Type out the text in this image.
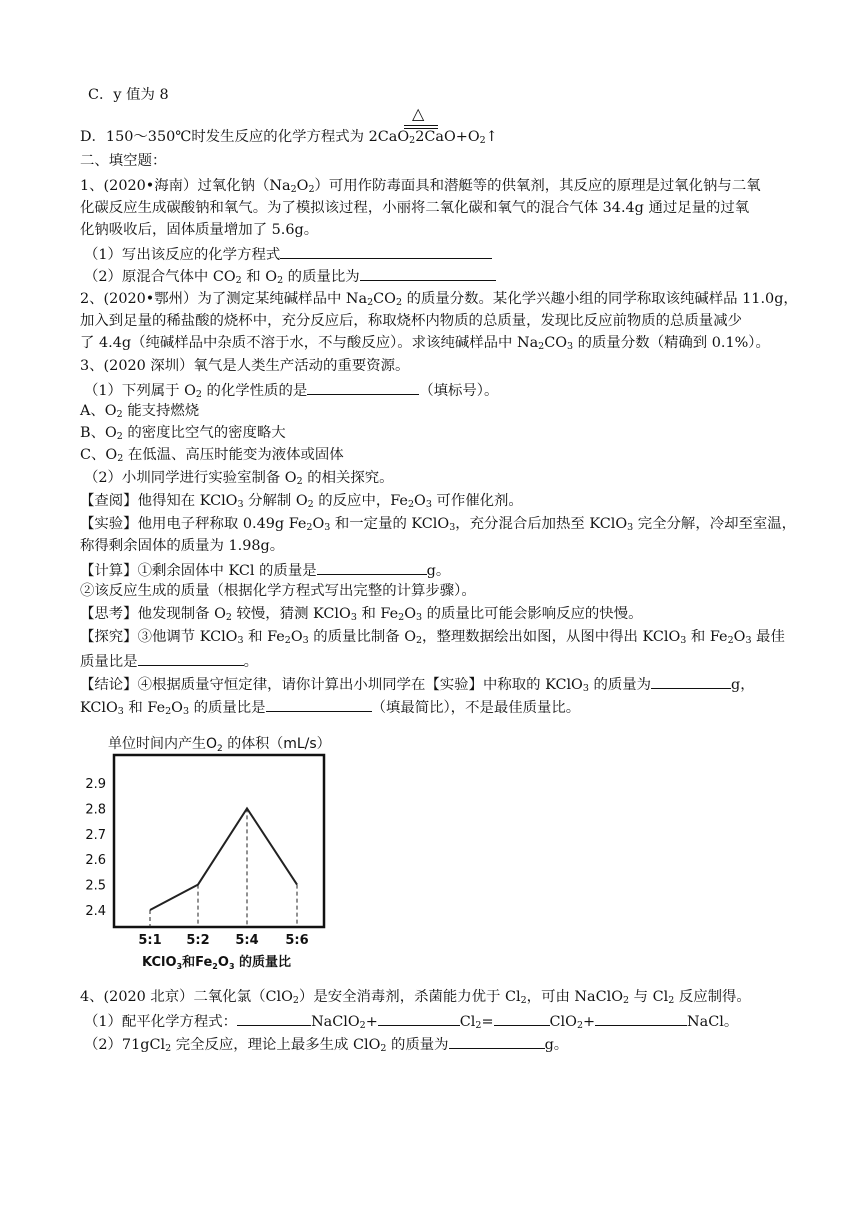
C．y 值为 8
D．150～350℃时发生反应的化学方程式为 $2CaO_22CaO+O_2↑$
△
二、填空题：
1、(2020•海南）过氧化钠$(Na_2O_2)$可用作防毒面具和潜艇等的供氧剂，其反应的原理是过氧化钠与二氧
化碳反应生成碳酸钠和氧气。为了模拟该过程，小丽将二氧化碳和氧气的混合气体 34.4g 通过足量的过氧
化钠吸收后，固体质量增加了 5.6g。
（1）写出该反应的化学方程式
（2）原混合气体中 $CO_2$ 和 $O_2$ 的质量比为
2、(2020•鄂州）为了测定某纯碱样品中 $Na_2CO_2$ 的质量分数。某化学兴趣小组的同学称取该纯碱样品 11.0g，
加入到足量的稀盐酸的烧杯中，充分反应后，称取烧杯内物质的总质量，发现比反应前物质的总质量减少
了 4.4g（纯碱样品中杂质不溶于水，不与酸反应）。求该纯碱样品中 $Na_2CO_3$ 的质量分数（精确到 0.1%）。
3、(2020 深圳）氧气是人类生产活动的重要资源。
（1）下列属于 $O_2$ 的化学性质的是	（填标号）。
A、$O_2$ 能支持燃烧
B、$O_2$ 的密度比空气的密度略大
C、$O_2$ 在低温、高压时能变为液体或固体
（2）小圳同学进行实验室制备 $O_2$ 的相关探究。
【查阅】他得知在 KClO$_3$ 分解制 $O_2$ 的反应中，$Fe_2O_3$ 可作催化剂。
【实验】他用电子秤称取 0.49g $Fe_2O_3$ 和一定量的 KClO$_3$，充分混合后加热至 KClO$_3$ 完全分解，冷却至室温，
称得剩余固体的质量为 1.98g。
【计算】①剩余固体中 KCl 的质量是	g。
②该反应生成的质量（根据化学方程式写出完整的计算步骤）。
【思考】他发现制备 $O_2$ 较慢，猜测 KClO$_3$ 和 $Fe_2O_3$ 的质量比可能会影响反应的快慢。
【探究】③他调节 KClO$_3$ 和 $Fe_2O_3$ 的质量比制备 $O_2$，整理数据绘出如图，从图中得出 KClO$_3$ 和 $Fe_2O_3$ 最佳
质量比是	。
【结论】④根据质量守恒定律，请你计算出小圳同学在【实验】中称取的 KClO$_3$ 的质量为	g，
KClO$_3$ 和 $Fe_2O_3$ 的质量比是	（填最简比），不是最佳质量比。
单位时间内产生$O_2$ 的体积（mL/s）
2.9
2.8
2.7
2.6
2.5
2.4
5:1 5:2 5:4 5:6
KClO$_3$和$Fe_2O_3$ 的质量比
4、(2020 北京）二氧化氯（ClO$_2$）是安全消毒剂，杀菌能力优于 $Cl_2$，可由 NaClO$_2$ 与 $Cl_2$ 反应制得。
（1）配平化学方程式：	NaClO$_2$+	$Cl_2=$	ClO$_2$+	NaCl。
（2）71gCl$_2$ 完全反应，理论上最多生成 ClO$_2$ 的质量为	g。
